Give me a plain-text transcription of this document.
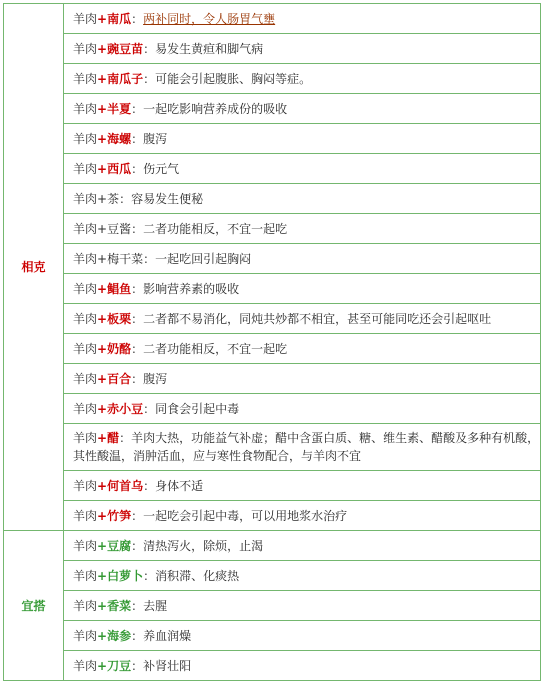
相克	羊肉+南瓜：两补同时，令人肠胃气壅
	羊肉+豌豆苗：易发生黄疸和脚气病
	羊肉+南瓜子：可能会引起腹胀、胸闷等症。
	羊肉+半夏：一起吃影响营养成份的吸收
	羊肉+海螺：腹泻
	羊肉+西瓜：伤元气
	羊肉+茶：容易发生便秘
	羊肉+豆酱：二者功能相反，不宜一起吃
	羊肉+梅干菜：一起吃回引起胸闷
	羊肉+鲳鱼：影响营养素的吸收
	羊肉+板栗：二者都不易消化，同炖共炒都不相宜，甚至可能同吃还会引起呕吐
	羊肉+奶酪：二者功能相反，不宜一起吃
	羊肉+百合：腹泻
	羊肉+赤小豆：同食会引起中毒
	羊肉+醋：羊肉大热，功能益气补虚；醋中含蛋白质、糖、维生素、醋酸及多种有机酸，其性酸温，消肿活血，应与寒性食物配合，与羊肉不宜
	羊肉+何首乌：身体不适
	羊肉+竹笋：一起吃会引起中毒，可以用地浆水治疗
宜搭	羊肉+豆腐：清热泻火，除烦，止渴
	羊肉+白萝卜：消积滞、化痰热
	羊肉+香菜：去腥
	羊肉+海参：养血润燥
	羊肉+刀豆：补肾壮阳
